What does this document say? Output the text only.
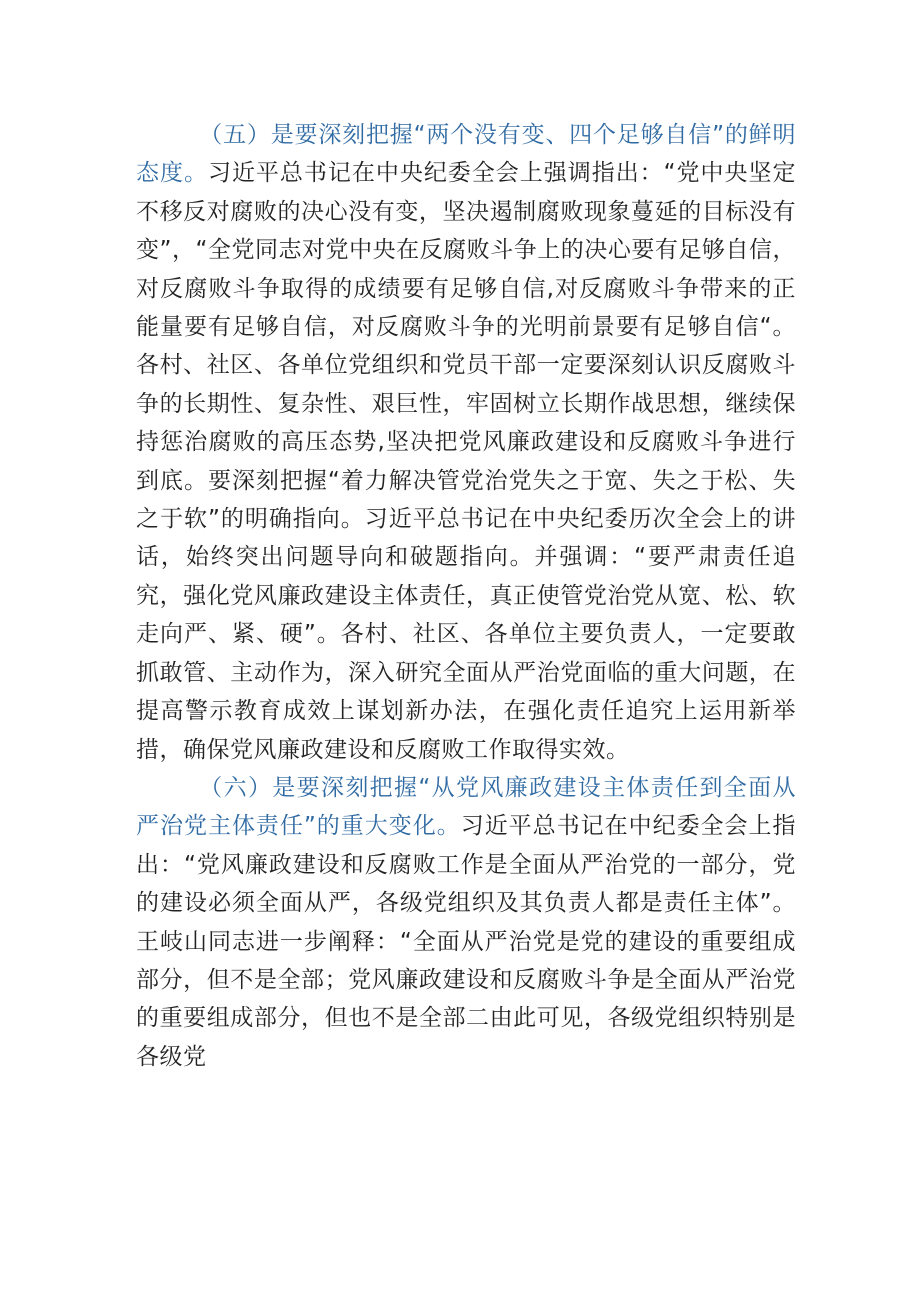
（五）是要深刻把握“两个没有变、四个足够自信”的鲜明态度。习近平总书记在中央纪委全会上强调指出：“党中央坚定不移反对腐败的决心没有变，坚决遏制腐败现象蔓延的目标没有变”，“全党同志对党中央在反腐败斗争上的决心要有足够自信，对反腐败斗争取得的成绩要有足够自信,对反腐败斗争带来的正能量要有足够自信，对反腐败斗争的光明前景要有足够自信“。各村、社区、各单位党组织和党员干部一定要深刻认识反腐败斗争的长期性、复杂性、艰巨性，牢固树立长期作战思想，继续保持惩治腐败的高压态势,坚决把党风廉政建设和反腐败斗争进行到底。要深刻把握“着力解决管党治党失之于宽、失之于松、失之于软”的明确指向。习近平总书记在中央纪委历次全会上的讲话，始终突出问题导向和破题指向。并强调：“要严肃责任追究，强化党风廉政建设主体责任，真正使管党治党从宽、松、软走向严、紧、硬”。各村、社区、各单位主要负责人，一定要敢抓敢管、主动作为，深入研究全面从严治党面临的重大问题，在提高警示教育成效上谋划新办法，在强化责任追究上运用新举措，确保党风廉政建设和反腐败工作取得实效。

（六）是要深刻把握“从党风廉政建设主体责任到全面从严治党主体责任”的重大变化。习近平总书记在中纪委全会上指出：“党风廉政建设和反腐败工作是全面从严治党的一部分，党的建设必须全面从严，各级党组织及其负责人都是责任主体”。王岐山同志进一步阐释：“全面从严治党是党的建设的重要组成部分，但不是全部；党风廉政建设和反腐败斗争是全面从严治党的重要组成部分，但也不是全部二由此可见，各级党组织特别是各级党
